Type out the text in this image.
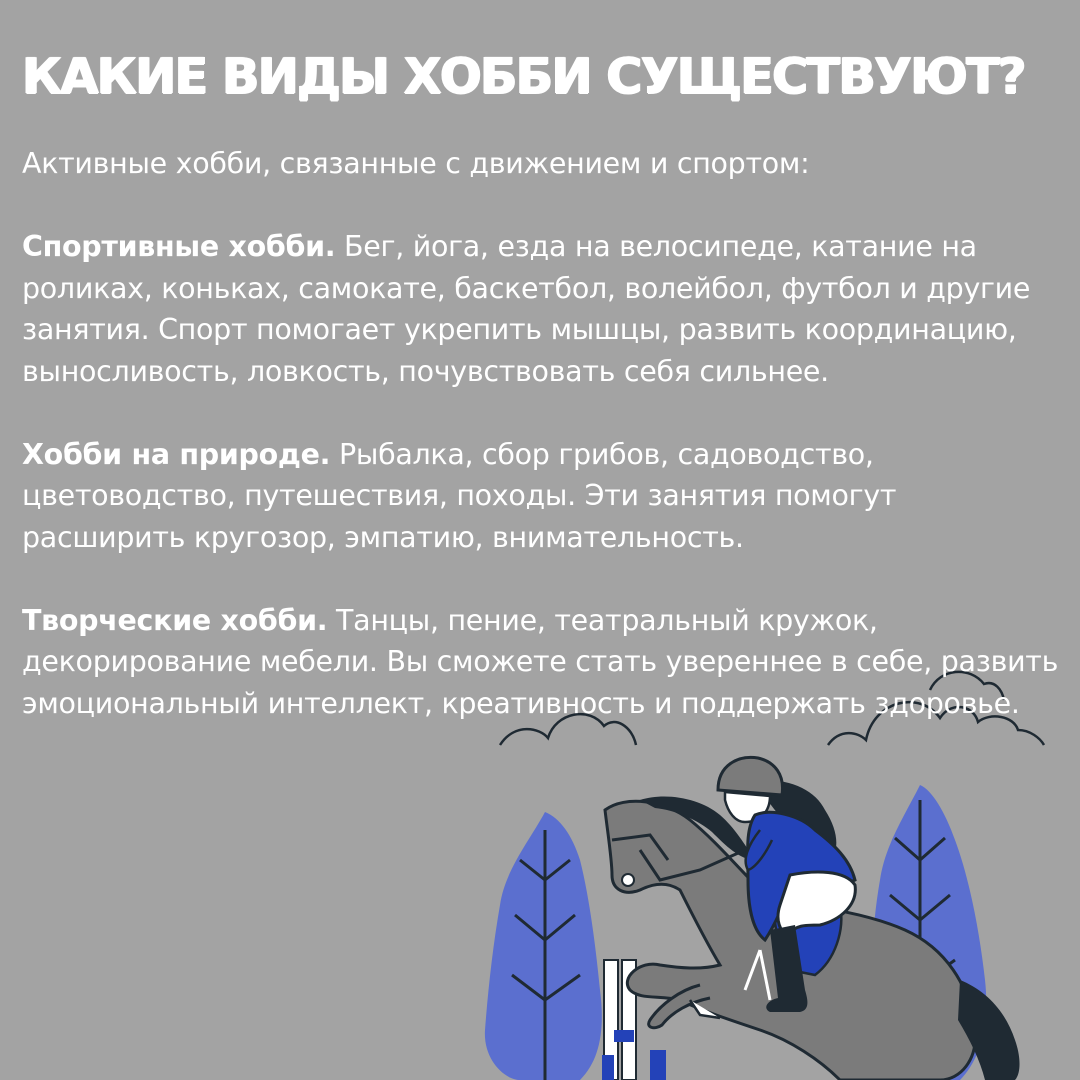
КАКИЕ ВИДЫ ХОББИ СУЩЕСТВУЮТ?

Активные хобби, связанные с движением и спортом:

Спортивные хобби. Бег, йога, езда на велосипеде, катание на роликах, коньках, самокате, баскетбол, волейбол, футбол и другие занятия. Спорт помогает укрепить мышцы, развить координацию, выносливость, ловкость, почувствовать себя сильнее.

Хобби на природе. Рыбалка, сбор грибов, садоводство, цветоводство, путешествия, походы. Эти занятия помогут расширить кругозор, эмпатию, внимательность.

Творческие хобби. Танцы, пение, театральный кружок, декорирование мебели. Вы сможете стать увереннее в себе, развить эмоциональный интеллект, креативность и поддержать здоровье.
